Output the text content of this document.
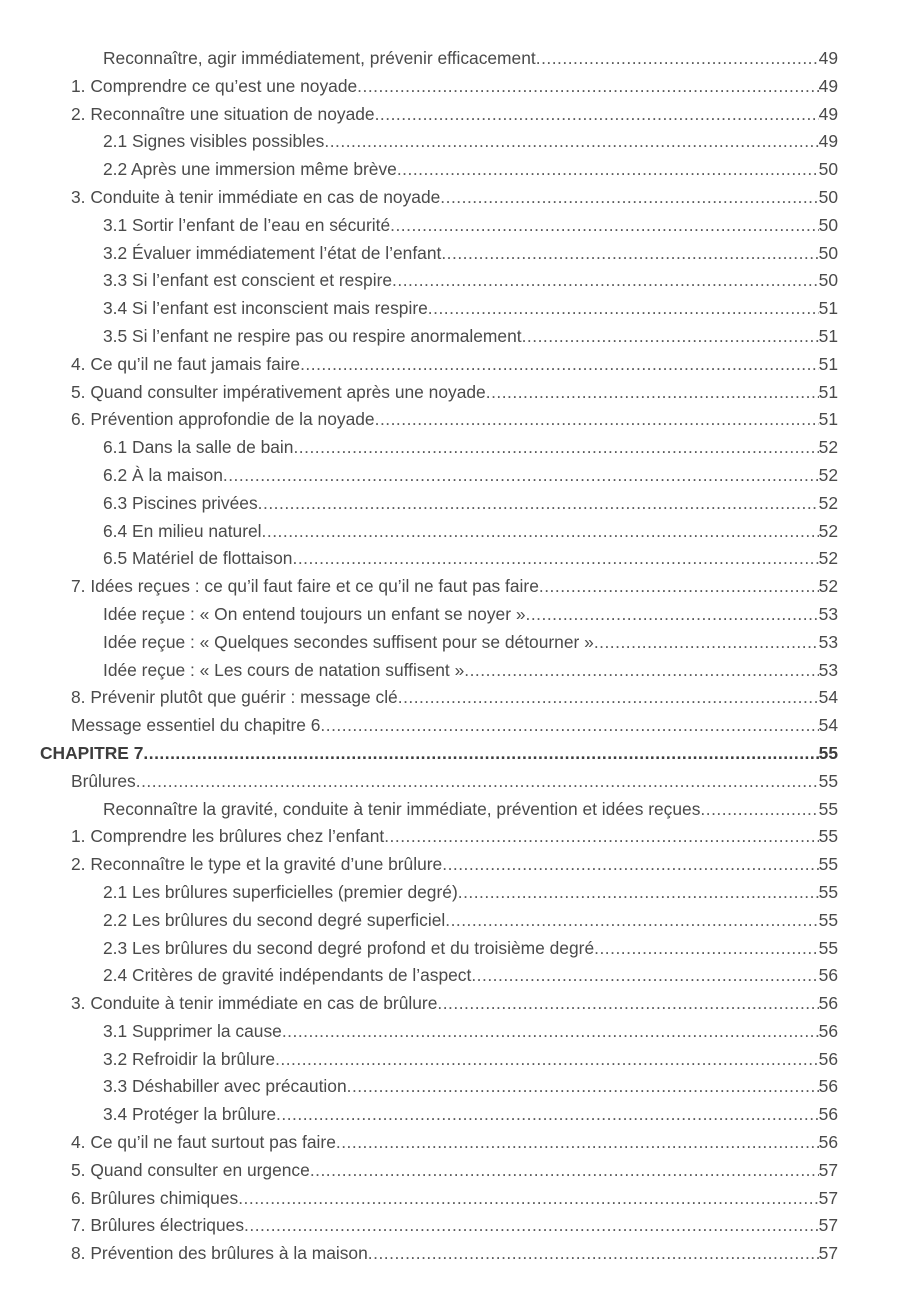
Reconnaître, agir immédiatement, prévenir efficacement .....	49
1. Comprendre ce qu’est une noyade .....	49
2. Reconnaître une situation de noyade .....	49
2.1 Signes visibles possibles .....	49
2.2 Après une immersion même brève .....	50
3. Conduite à tenir immédiate en cas de noyade .....	50
3.1 Sortir l’enfant de l’eau en sécurité .....	50
3.2 Évaluer immédiatement l’état de l’enfant .....	50
3.3 Si l’enfant est conscient et respire .....	50
3.4 Si l’enfant est inconscient mais respire .....	51
3.5 Si l’enfant ne respire pas ou respire anormalement .....	51
4. Ce qu’il ne faut jamais faire .....	51
5. Quand consulter impérativement après une noyade .....	51
6. Prévention approfondie de la noyade .....	51
6.1 Dans la salle de bain .....	52
6.2 À la maison .....	52
6.3 Piscines privées .....	52
6.4 En milieu naturel .....	52
6.5 Matériel de flottaison .....	52
7. Idées reçues : ce qu’il faut faire et ce qu’il ne faut pas faire .....	52
Idée reçue : « On entend toujours un enfant se noyer » .....	53
Idée reçue : « Quelques secondes suffisent pour se détourner » .....	53
Idée reçue : « Les cours de natation suffisent » .....	53
8. Prévenir plutôt que guérir : message clé .....	54
Message essentiel du chapitre 6 .....	54
CHAPITRE 7 .....	55
Brûlures .....	55
Reconnaître la gravité, conduite à tenir immédiate, prévention et idées reçues .....	55
1. Comprendre les brûlures chez l’enfant .....	55
2. Reconnaître le type et la gravité d’une brûlure .....	55
2.1 Les brûlures superficielles (premier degré) .....	55
2.2 Les brûlures du second degré superficiel .....	55
2.3 Les brûlures du second degré profond et du troisième degré .....	55
2.4 Critères de gravité indépendants de l’aspect .....	56
3. Conduite à tenir immédiate en cas de brûlure .....	56
3.1 Supprimer la cause .....	56
3.2 Refroidir la brûlure .....	56
3.3 Déshabiller avec précaution .....	56
3.4 Protéger la brûlure .....	56
4. Ce qu’il ne faut surtout pas faire .....	56
5. Quand consulter en urgence .....	57
6. Brûlures chimiques .....	57
7. Brûlures électriques .....	57
8. Prévention des brûlures à la maison .....	57
